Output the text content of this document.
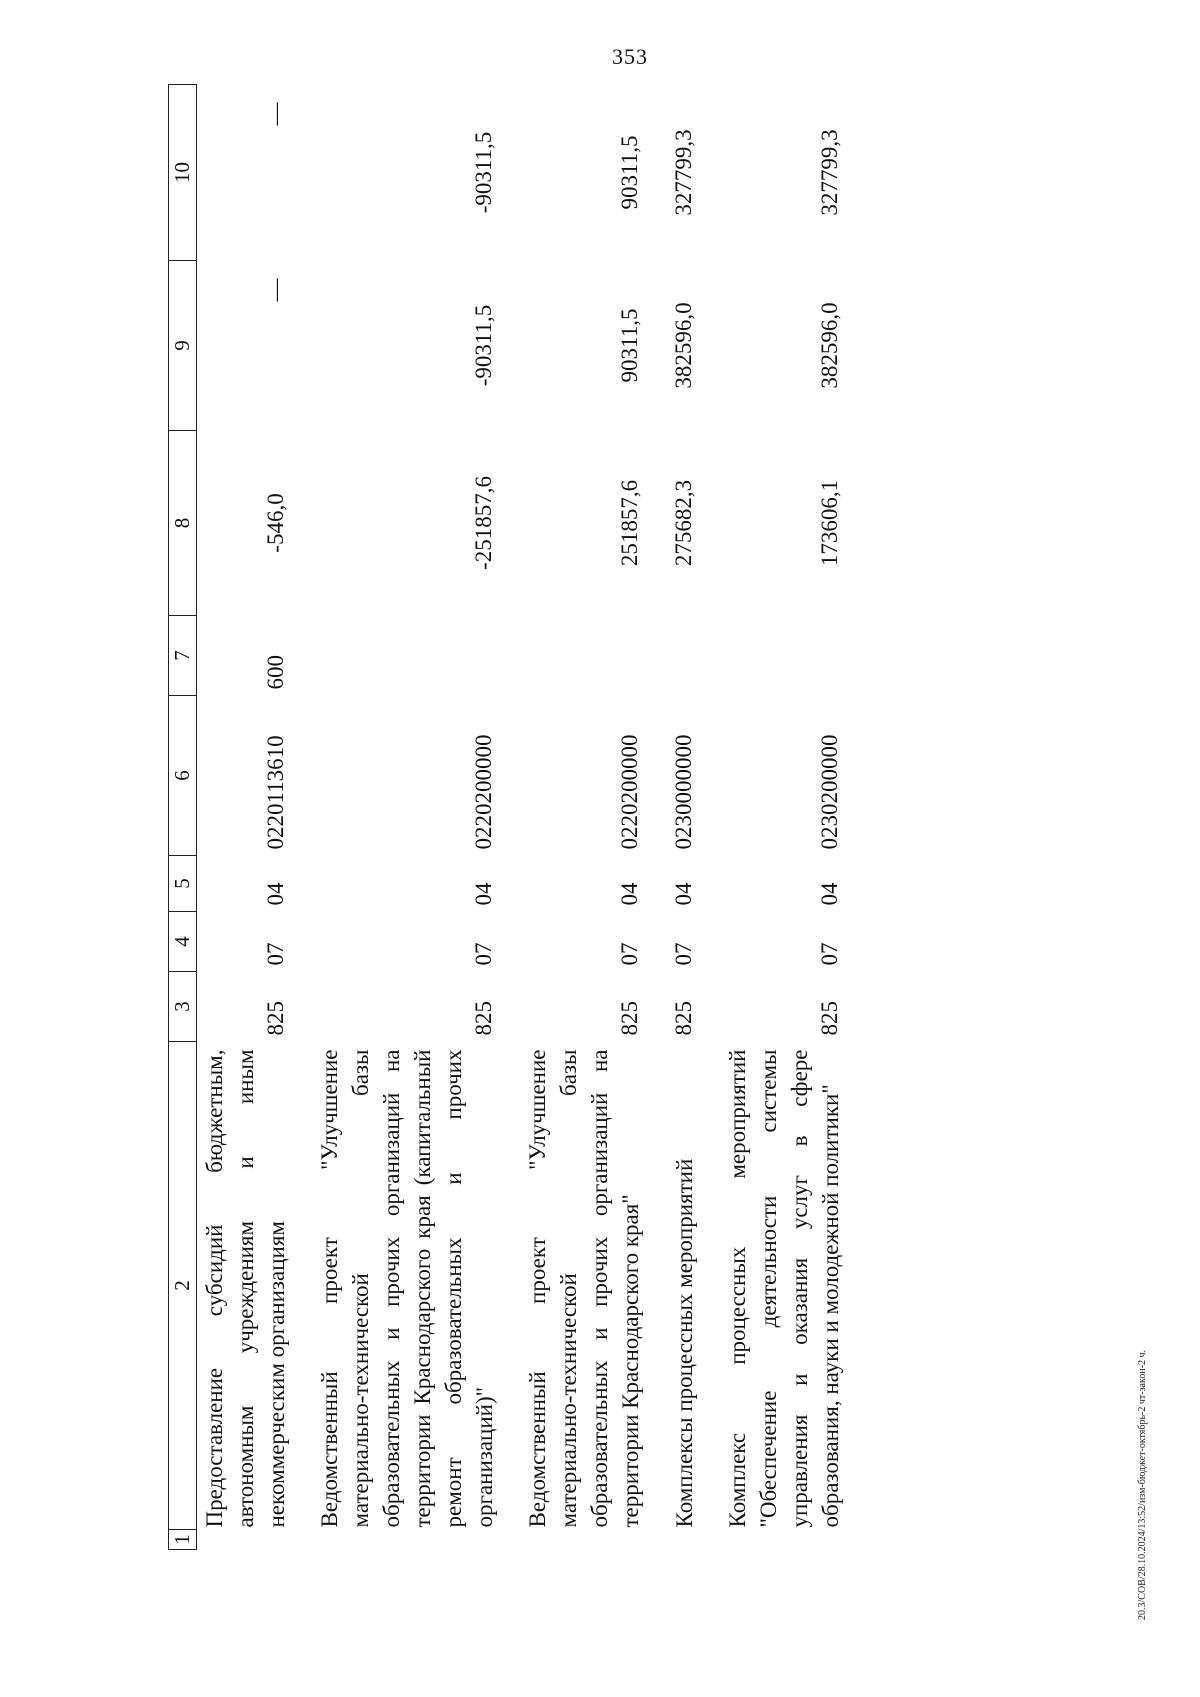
353
1	2	3	4	5	6	7	8	9	10
	Предоставление субсидий бюджетным, автономным учреждениям и иным некоммерческим организациям	825	07	04	0220113610	600	-546,0	—	—
	Ведомственный проект "Улучшение материально-технической базы образовательных и прочих организаций на территории Краснодарского края (капитальный ремонт образовательных и прочих организаций)"	825	07	04	0220200000		-251857,6	-90311,5	-90311,5
	Ведомственный проект "Улучшение материально-технической базы образовательных и прочих организаций на территории Краснодарского края"	825	07	04	0220200000		251857,6	90311,5	90311,5
	Комплексы процессных мероприятий	825	07	04	0230000000		275682,3	382596,0	327799,3
	Комплекс процессных мероприятий "Обеспечение деятельности системы управления и оказания услуг в сфере образования, науки и молодежной политики"	825	07	04	0230200000		173606,1	382596,0	327799,3
20.3/СОВ/28.10.2024/13:52/изм-бюджет-октябрь-2 чт-закон-2 ч.
